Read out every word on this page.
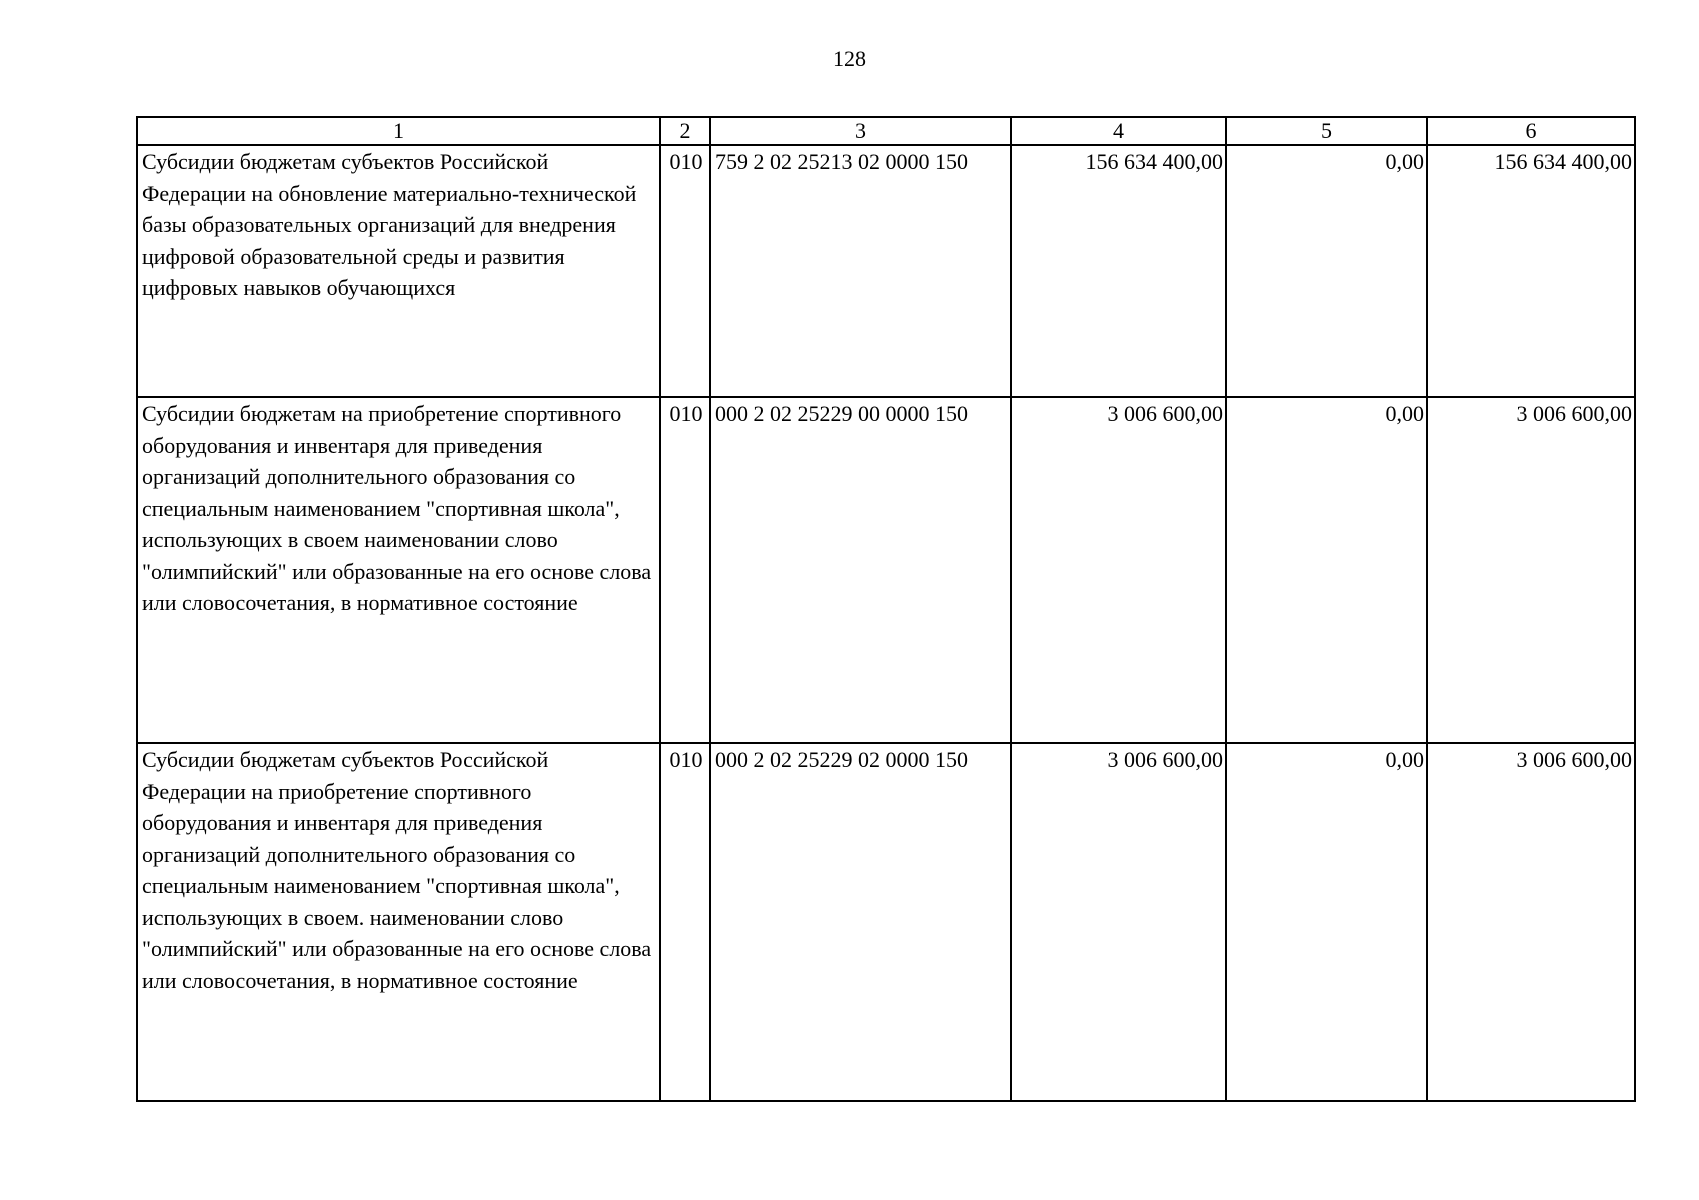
128
1	2	3	4	5	6
Субсидии бюджетам субъектов Российской Федерации на обновление материально-технической базы образовательных организаций для внедрения цифровой образовательной среды и развития цифровых навыков обучающихся	010	759 2 02 25213 02 0000 150	156 634 400,00	0,00	156 634 400,00
Субсидии бюджетам на приобретение спортивного оборудования и инвентаря для приведения организаций дополнительного образования со специальным наименованием "спортивная школа", использующих в своем наименовании слово "олимпийский" или образованные на его основе слова или словосочетания, в нормативное состояние	010	000 2 02 25229 00 0000 150	3 006 600,00	0,00	3 006 600,00
Субсидии бюджетам субъектов Российской Федерации на приобретение спортивного оборудования и инвентаря для приведения организаций дополнительного образования со специальным наименованием "спортивная школа", использующих в своем. наименовании слово "олимпийский" или образованные на его основе слова или словосочетания, в нормативное состояние	010	000 2 02 25229 02 0000 150	3 006 600,00	0,00	3 006 600,00
